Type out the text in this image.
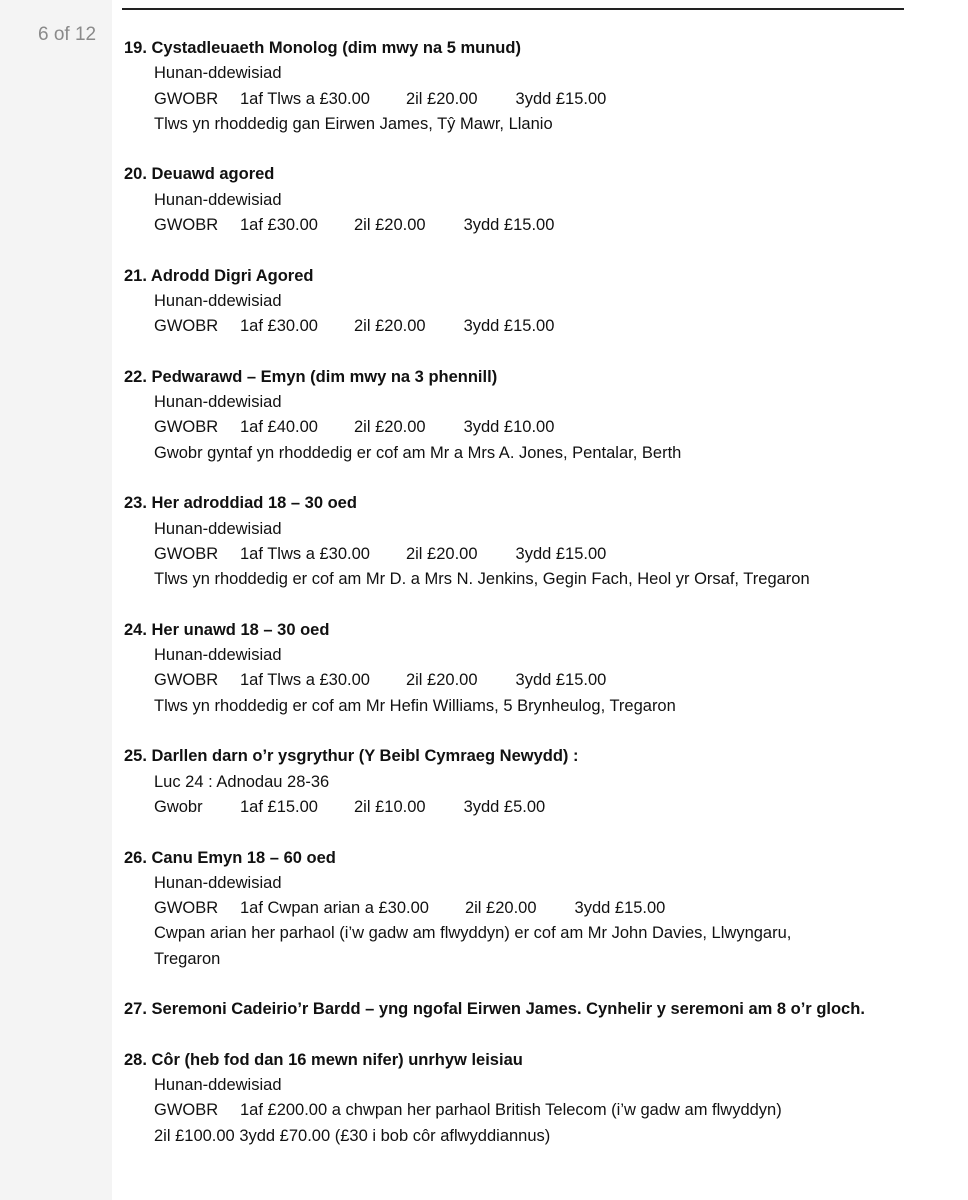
6 of 12
19. Cystadleuaeth Monolog (dim mwy na 5 munud)
Hunan-ddewisiad
GWOBR 1af Tlws a £30.00 2il £20.00 3ydd £15.00
Tlws yn rhoddedig gan Eirwen James, Tŷ Mawr, Llanio
20. Deuawd agored
Hunan-ddewisiad
GWOBR 1af £30.00 2il £20.00 3ydd £15.00
21. Adrodd Digri Agored
Hunan-ddewisiad
GWOBR 1af £30.00 2il £20.00 3ydd £15.00
22. Pedwarawd – Emyn (dim mwy na 3 phennill)
Hunan-ddewisiad
GWOBR 1af £40.00 2il £20.00 3ydd £10.00
Gwobr gyntaf yn rhoddedig er cof am Mr a Mrs A. Jones, Pentalar, Berth
23. Her adroddiad 18 – 30 oed
Hunan-ddewisiad
GWOBR 1af Tlws a £30.00 2il £20.00 3ydd £15.00
Tlws yn rhoddedig er cof am Mr D. a Mrs N. Jenkins, Gegin Fach, Heol yr Orsaf, Tregaron
24. Her unawd 18 – 30 oed
Hunan-ddewisiad
GWOBR 1af Tlws a £30.00 2il £20.00 3ydd £15.00
Tlws yn rhoddedig er cof am Mr Hefin Williams, 5 Brynheulog, Tregaron
25. Darllen darn o’r ysgrythur (Y Beibl Cymraeg Newydd) :
Luc 24 : Adnodau 28-36
Gwobr 1af £15.00 2il £10.00 3ydd £5.00
26. Canu Emyn 18 – 60 oed
Hunan-ddewisiad
GWOBR 1af Cwpan arian a £30.00 2il £20.00 3ydd £15.00
Cwpan arian her parhaol (i’w gadw am flwyddyn) er cof am Mr John Davies, Llwyngaru,
Tregaron
27. Seremoni Cadeirio’r Bardd – yng ngofal Eirwen James. Cynhelir y seremoni am 8 o’r gloch.
28. Côr (heb fod dan 16 mewn nifer) unrhyw leisiau
Hunan-ddewisiad
GWOBR 1af £200.00 a chwpan her parhaol British Telecom (i’w gadw am flwyddyn)
2il £100.00 3ydd £70.00 (£30 i bob côr aflwyddiannus)
